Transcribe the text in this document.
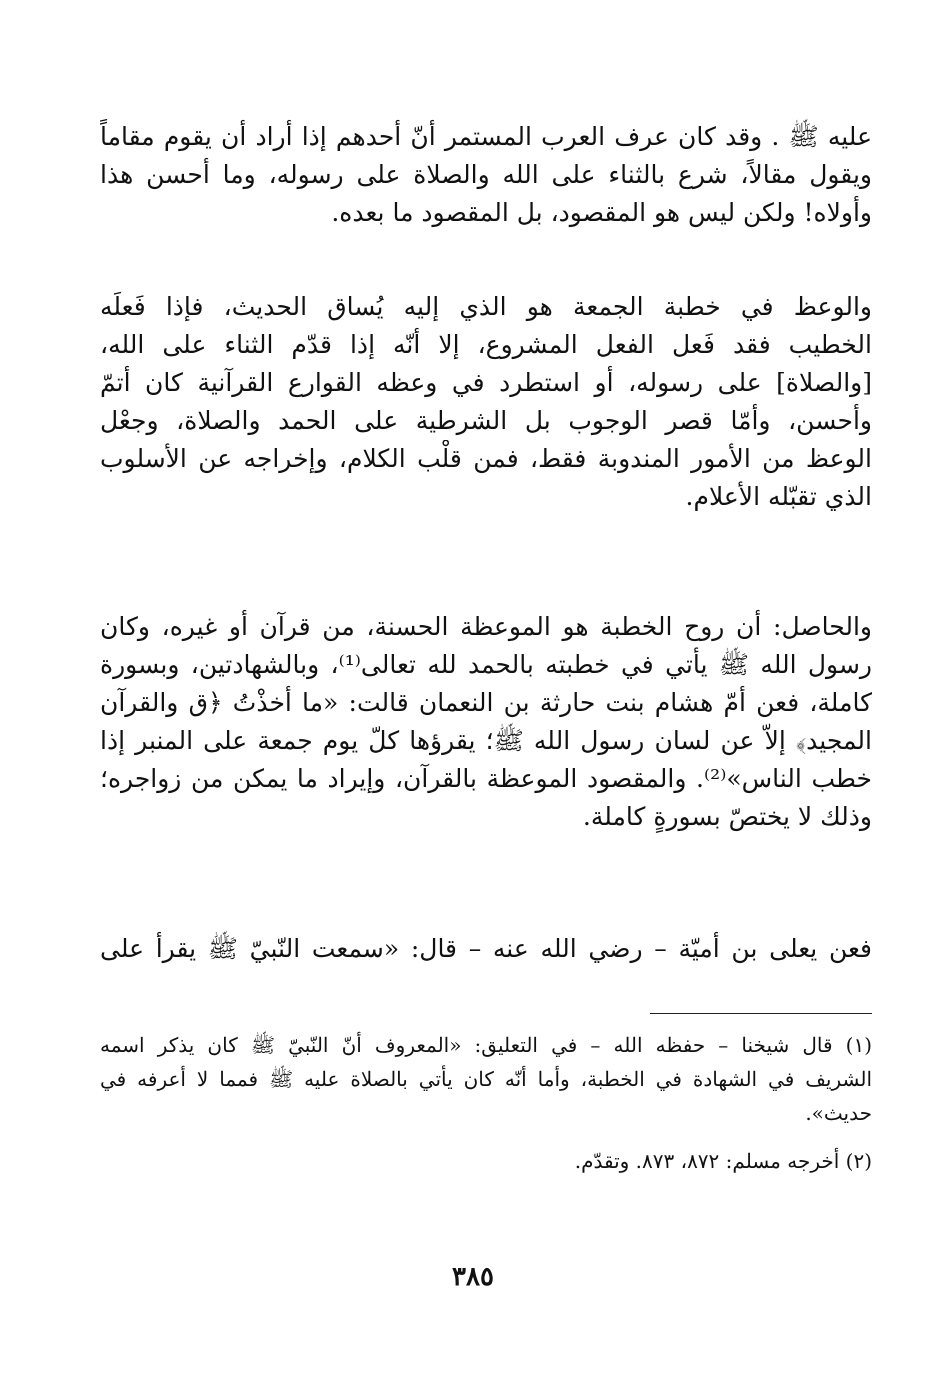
عليه ﷺ . وقد كان عرف العرب المستمر أنّ أحدهم إذا أراد أن يقوم مقاماً
ويقول مقالاً، شرع بالثناء على الله والصلاة على رسوله، وما أحسن هذا
وأولاه! ولكن ليس هو المقصود، بل المقصود ما بعده.
والوعظ في خطبة الجمعة هو الذي إليه يُساق الحديث، فإذا فَعلَه
الخطيب فقد فَعل الفعل المشروع، إلا أنّه إذا قدّم الثناء على الله،
[والصلاة] على رسوله، أو استطرد في وعظه القوارع القرآنية كان أتمّ
وأحسن، وأمّا قصر الوجوب بل الشرطية على الحمد والصلاة، وجعْل
الوعظ من الأمور المندوبة فقط، فمن قلْب الكلام، وإخراجه عن الأسلوب
الذي تقبّله الأعلام.
والحاصل: أن روح الخطبة هو الموعظة الحسنة، من قرآن أو غيره، وكان
رسول الله ﷺ يأتي في خطبته بالحمد لله تعالى⁽¹⁾، وبالشهادتين، وبسورة
كاملة، فعن أمّ هشام بنت حارثة بن النعمان قالت: «ما أخذْتُ ﴿ق والقرآن
المجيد﴾ إلاّ عن لسان رسول الله ﷺ؛ يقرؤها كلّ يوم جمعة على المنبر إذا
خطب الناس»⁽²⁾. والمقصود الموعظة بالقرآن، وإيراد ما يمكن من زواجره؛
وذلك لا يختصّ بسورةٍ كاملة.
فعن يعلى بن أميّة – رضي الله عنه – قال: «سمعت النّبيّ ﷺ يقرأ على
(١) قال شيخنا – حفظه الله – في التعليق: «المعروف أنّ النّبيّ ﷺ كان يذكر اسمه
الشريف في الشهادة في الخطبة، وأما أنّه كان يأتي بالصلاة عليه ﷺ فمما لا أعرفه في
حديث».
(٢) أخرجه مسلم: ٨٧٢، ٨٧٣. وتقدّم.
٣٨٥
